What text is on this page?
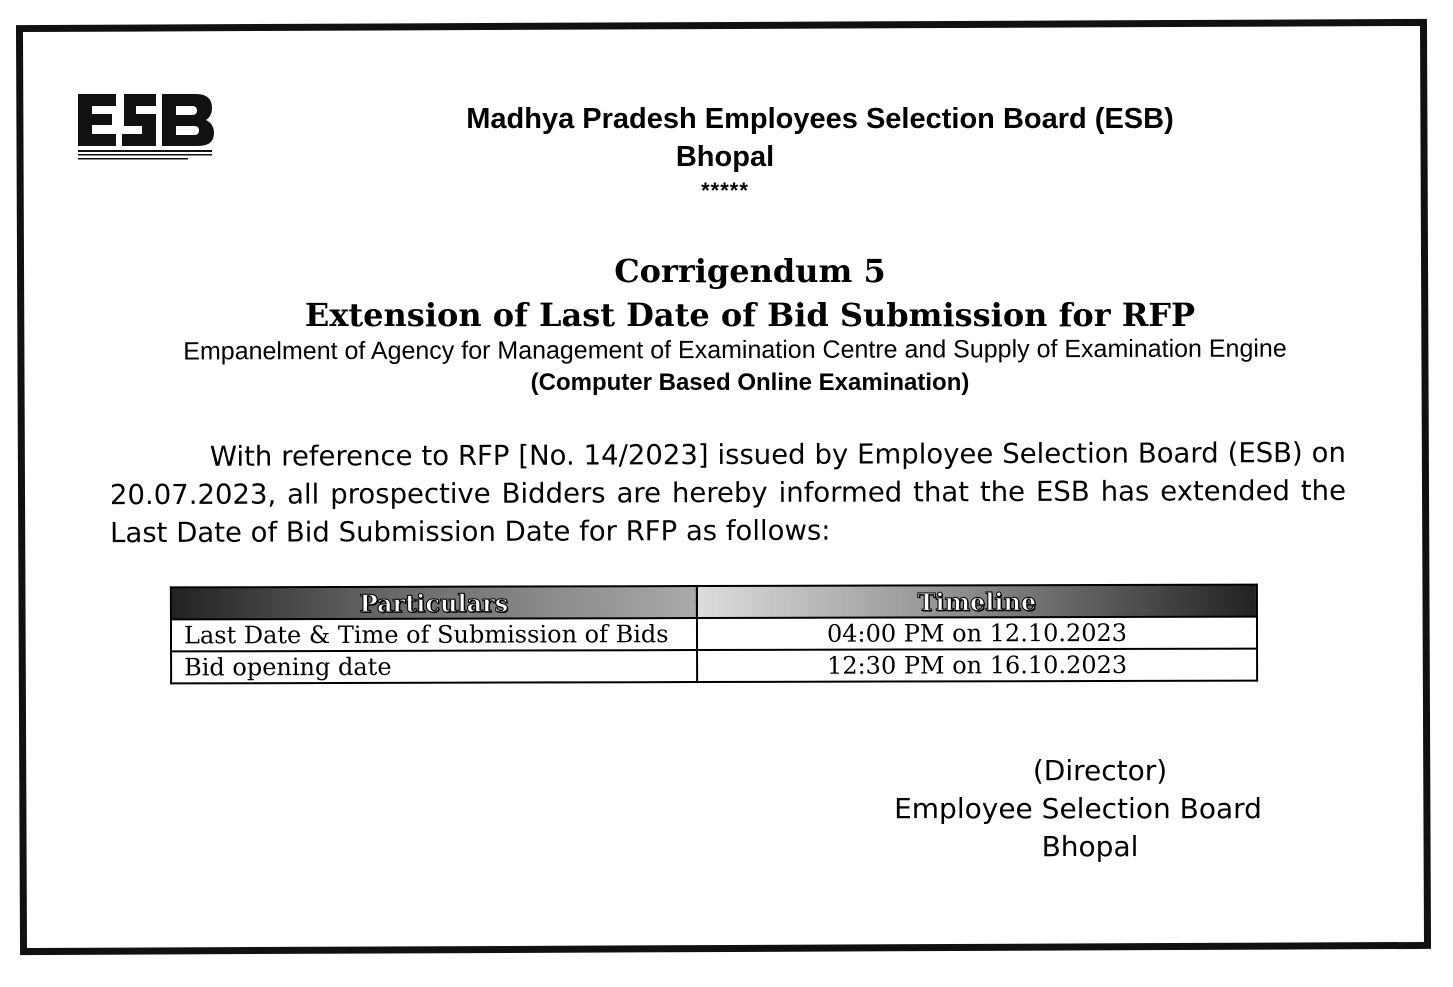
Madhya Pradesh Employees Selection Board (ESB)
Bhopal
*****
Corrigendum 5
Extension of Last Date of Bid Submission for RFP
Empanelment of Agency for Management of Examination Centre and Supply of Examination Engine
(Computer Based Online Examination)
With reference to RFP [No. 14/2023] issued by Employee Selection Board (ESB) on 20.07.2023, all prospective Bidders are hereby informed that the ESB has extended the Last Date of Bid Submission Date for RFP as follows:
Particulars	Timeline
Last Date & Time of Submission of Bids	04:00 PM on 12.10.2023
Bid opening date	12:30 PM on 16.10.2023
(Director)
Employee Selection Board
Bhopal
